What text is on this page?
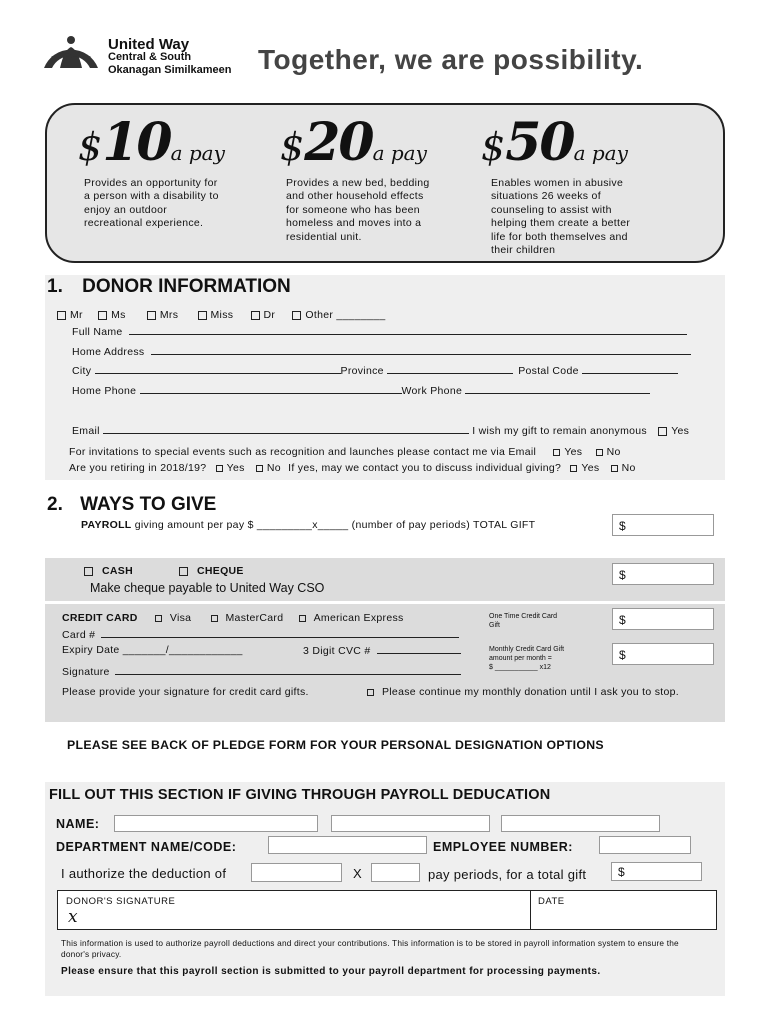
United Way
Central & South
Okanagan Similkameen Together, we are possibility.
$10a pay
Provides an opportunity for
a person with a disability to
enjoy an outdoor
recreational experience.
$20a pay
Provides a new bed, bedding
and other household effects
for someone who has been
homeless and moves into a
residential unit.
$50a pay
Enables women in abusive
situations 26 weeks of
counseling to assist with
helping them create a better
life for both themselves and
their children
1. DONOR INFORMATION
Mr	Ms	Mrs	Miss	Dr	Other ________
Full Name
Home Address
City	Province	Postal Code
Home Phone	Work Phone
Email	I wish my gift to remain anonymous Yes
For invitations to special events such as recognition and launches please contact me via Email	Yes No
Are you retiring in 2018/19? Yes No If yes, may we contact you to discuss individual giving? Yes No
2. WAYS TO GIVE
PAYROLL giving amount per pay $ _________x_____ (number of pay periods) TOTAL GIFT	$
CASH	CHEQUE
Make cheque payable to United Way CSO
$
CREDIT CARD	Visa	MasterCard	American Express
Card #
Expiry Date _______/____________	3 Digit CVC #
Signature
One Time Credit Card
Gift	$
Monthly Credit Card Gift
amount per month =
$ ___________ x12
$
Please provide your signature for credit card gifts.	Please continue my monthly donation until I ask you to stop.
PLEASE SEE BACK OF PLEDGE FORM FOR YOUR PERSONAL DESIGNATION OPTIONS
FILL OUT THIS SECTION IF GIVING THROUGH PAYROLL DEDUCATION
NAME:
DEPARTMENT NAME/CODE:	EMPLOYEE NUMBER:
I authorize the deduction of	X	pay periods, for a total gift	$
DONOR'S SIGNATURE
x
DATE
This information is used to authorize payroll deductions and direct your contributions. This information is to be stored in payroll information system to ensure the donor's privacy.
Please ensure that this payroll section is submitted to your payroll department for processing payments.
